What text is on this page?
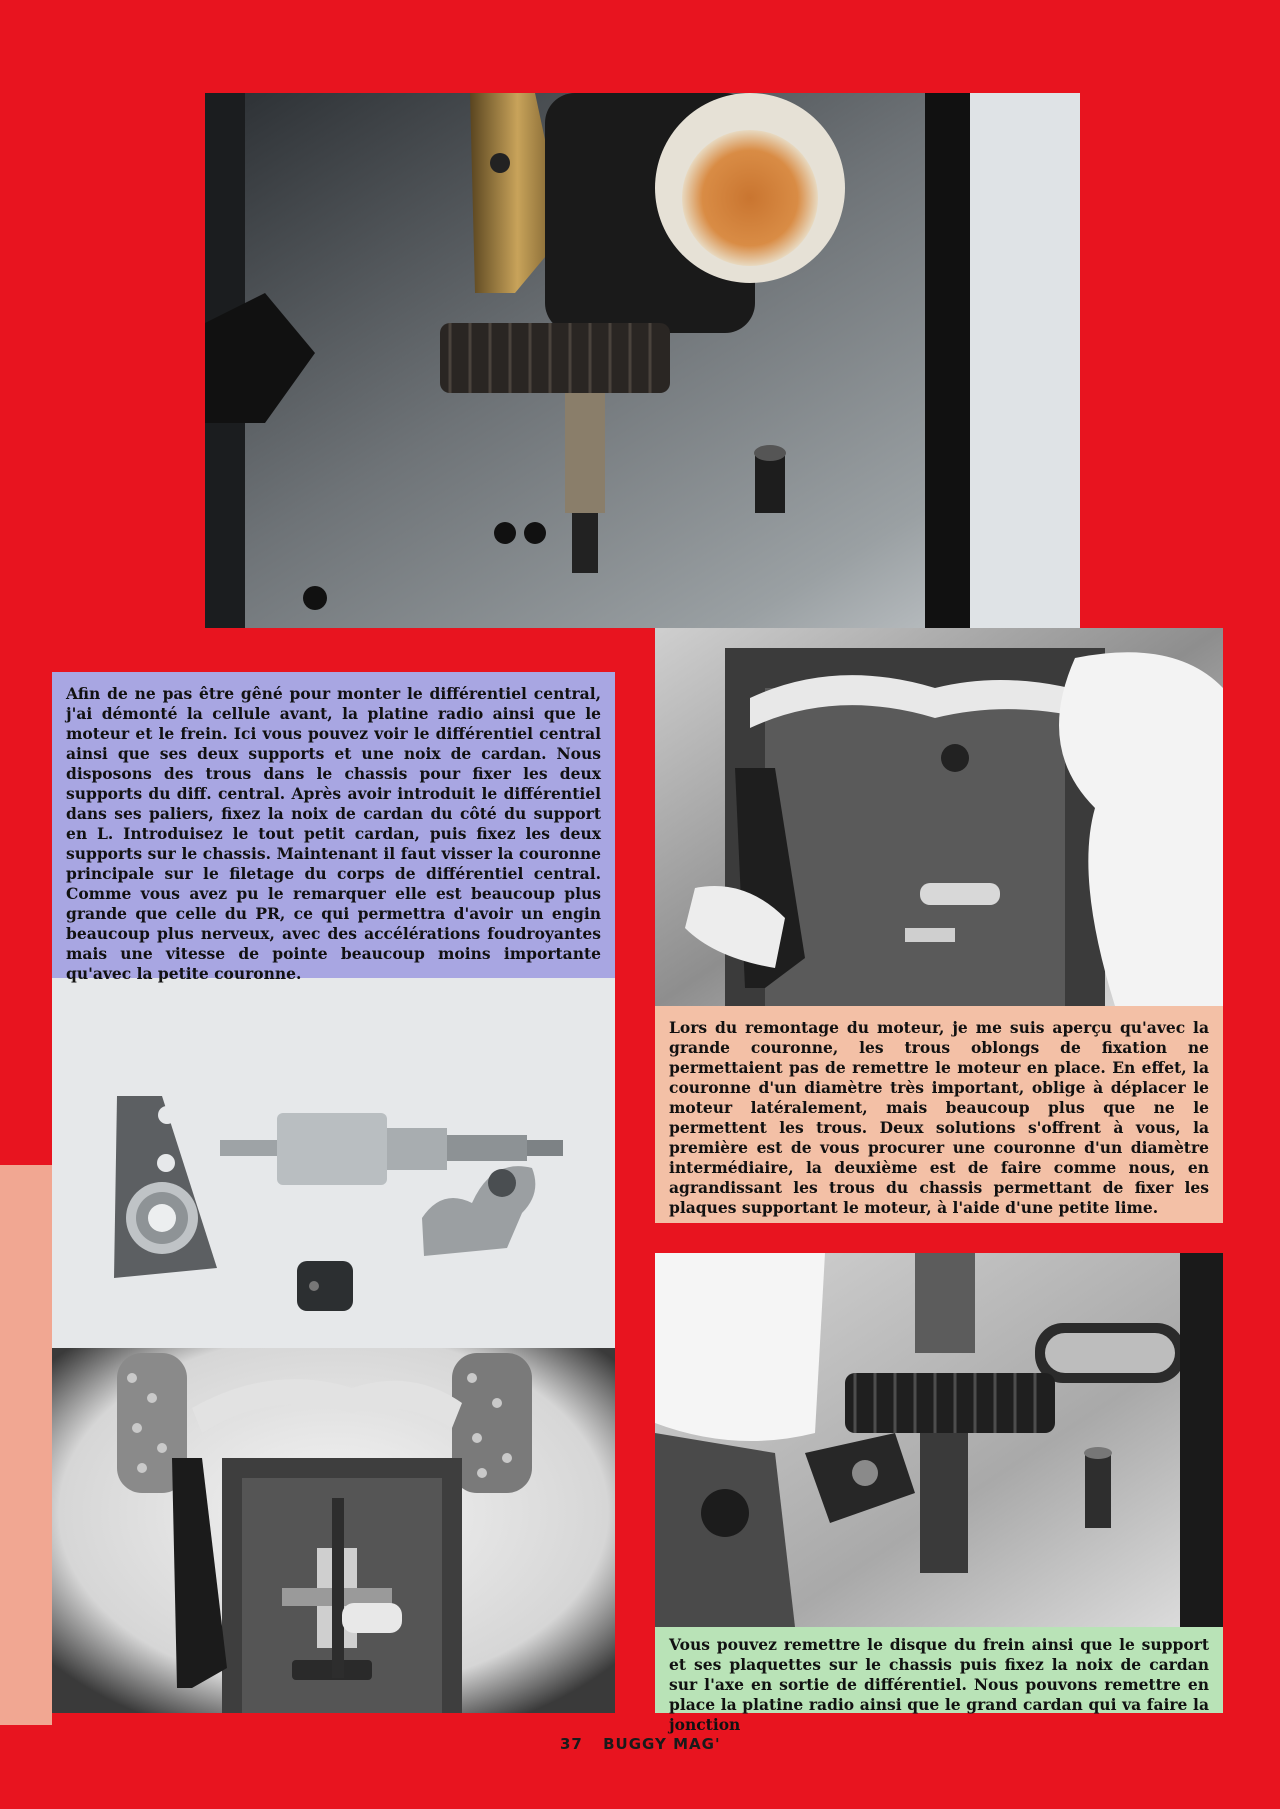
Afin de ne pas être gêné pour monter le différentiel central, j'ai démonté la cellule avant, la platine radio ainsi que le moteur et le frein. Ici vous pouvez voir le différentiel central ainsi que ses deux supports et une noix de cardan. Nous disposons des trous dans le chassis pour fixer les deux supports du diff. central. Après avoir introduit le différentiel dans ses paliers, fixez la noix de cardan du côté du support en L. Introduisez le tout petit cardan, puis fixez les deux supports sur le chassis. Maintenant il faut visser la couronne principale sur le filetage du corps de différentiel central. Comme vous avez pu le remarquer elle est beaucoup plus grande que celle du PR, ce qui permettra d'avoir un engin beaucoup plus nerveux, avec des accélérations foudroyantes mais une vitesse de pointe beaucoup moins importante qu'avec la petite couronne.

Lors du remontage du moteur, je me suis aperçu qu'avec la grande couronne, les trous oblongs de fixation ne permettaient pas de remettre le moteur en place. En effet, la couronne d'un diamètre très important, oblige à déplacer le moteur latéralement, mais beaucoup plus que ne le permettent les trous. Deux solutions s'offrent à vous, la première est de vous procurer une couronne d'un diamètre intermédiaire, la deuxième est de faire comme nous, en agrandissant les trous du chassis permettant de fixer les plaques supportant le moteur, à l'aide d'une petite lime.

Vous pouvez remettre le disque du frein ainsi que le support et ses plaquettes sur le chassis puis fixez la noix de cardan sur l'axe en sortie de différentiel. Nous pouvons remettre en place la platine radio ainsi que le grand cardan qui va faire la jonction

37 BUGGY MAG'
